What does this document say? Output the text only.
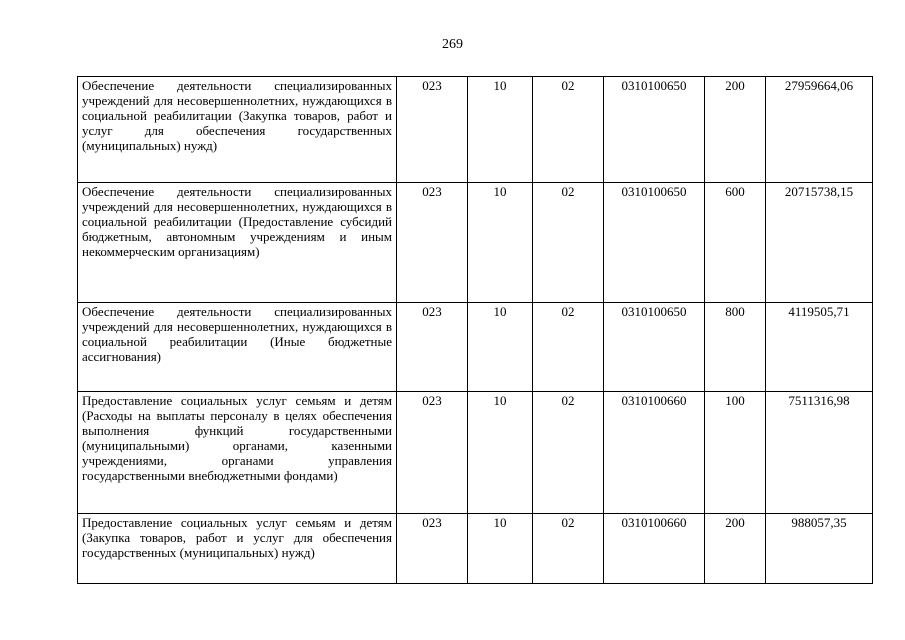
269
Обеспечение деятельности специализированных учреждений для несовершеннолетних, нуждающихся в социальной реабилитации (Закупка товаров, работ и услуг для обеспечения государственных (муниципальных) нужд)	023	10	02	0310100650	200	27959664,06
Обеспечение деятельности специализированных учреждений для несовершеннолетних, нуждающихся в социальной реабилитации (Предоставление субсидий бюджетным, автономным учреждениям и иным некоммерческим организациям)	023	10	02	0310100650	600	20715738,15
Обеспечение деятельности специализированных учреждений для несовершеннолетних, нуждающихся в социальной реабилитации (Иные бюджетные ассигнования)	023	10	02	0310100650	800	4119505,71
Предоставление социальных услуг семьям и детям (Расходы на выплаты персоналу в целях обеспечения выполнения функций государственными (муниципальными) органами, казенными учреждениями, органами управления государственными внебюджетными фондами)	023	10	02	0310100660	100	7511316,98
Предоставление социальных услуг семьям и детям (Закупка товаров, работ и услуг для обеспечения государственных (муниципальных) нужд)	023	10	02	0310100660	200	988057,35
